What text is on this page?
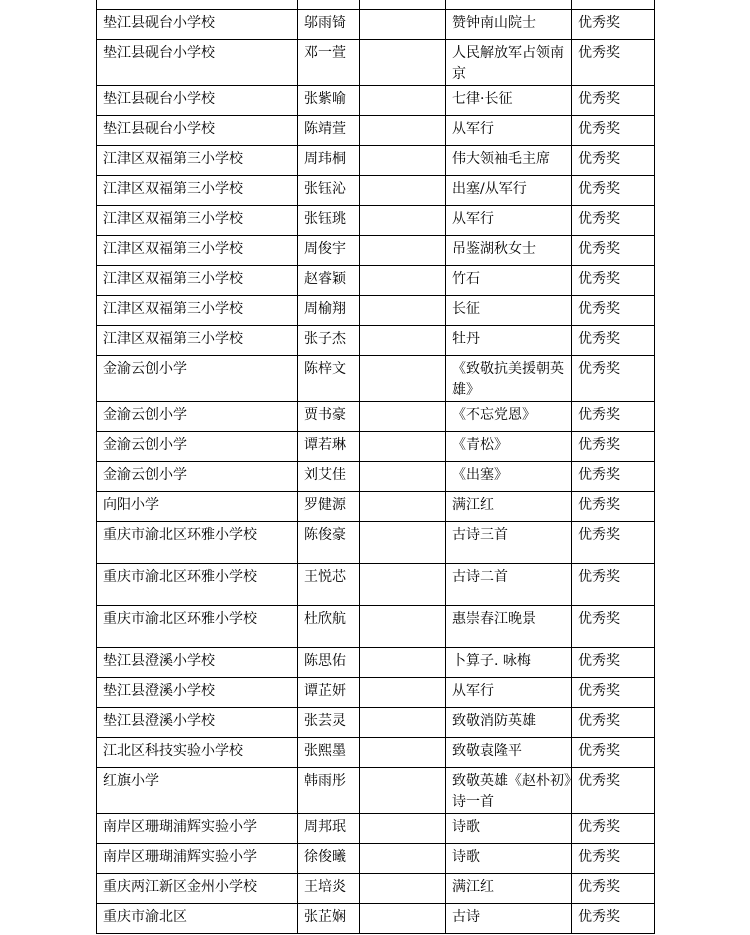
垫江县砚台小学校	邬雨锜		赞钟南山院士	优秀奖

垫江县砚台小学校	邓一萱		人民解放军占领南京	优秀奖

垫江县砚台小学校	张紫喻		七律·长征	优秀奖

垫江县砚台小学校	陈靖萱		从军行	优秀奖

江津区双福第三小学校	周玮桐		伟大领袖毛主席	优秀奖

江津区双福第三小学校	张钰沁		出塞/从军行	优秀奖

江津区双福第三小学校	张钰珧		从军行	优秀奖

江津区双福第三小学校	周俊宇		吊鉴湖秋女士	优秀奖

江津区双福第三小学校	赵睿颖		竹石	优秀奖

江津区双福第三小学校	周榆翔		长征	优秀奖

江津区双福第三小学校	张子杰		牡丹	优秀奖

金渝云创小学	陈梓文		《致敬抗美援朝英雄》	优秀奖

金渝云创小学	贾书豪		《不忘党恩》	优秀奖

金渝云创小学	谭若琳		《青松》	优秀奖

金渝云创小学	刘艾佳		《出塞》	优秀奖

向阳小学	罗健源		满江红	优秀奖

重庆市渝北区环雅小学校	陈俊豪		古诗三首	优秀奖

重庆市渝北区环雅小学校	王悦芯		古诗二首	优秀奖

重庆市渝北区环雅小学校	杜欣航		惠崇春江晚景	优秀奖

垫江县澄溪小学校	陈思佑		卜算子. 咏梅	优秀奖

垫江县澄溪小学校	谭芷妍		从军行	优秀奖

垫江县澄溪小学校	张芸灵		致敬消防英雄	优秀奖

江北区科技实验小学校	张熙墨		致敬袁隆平	优秀奖

红旗小学	韩雨彤		致敬英雄《赵朴初》诗一首	优秀奖

南岸区珊瑚浦辉实验小学	周邦珉		诗歌	优秀奖

南岸区珊瑚浦辉实验小学	徐俊曦		诗歌	优秀奖

重庆两江新区金州小学校	王培炎		满江红	优秀奖

重庆市渝北区	张芷娴		古诗	优秀奖
